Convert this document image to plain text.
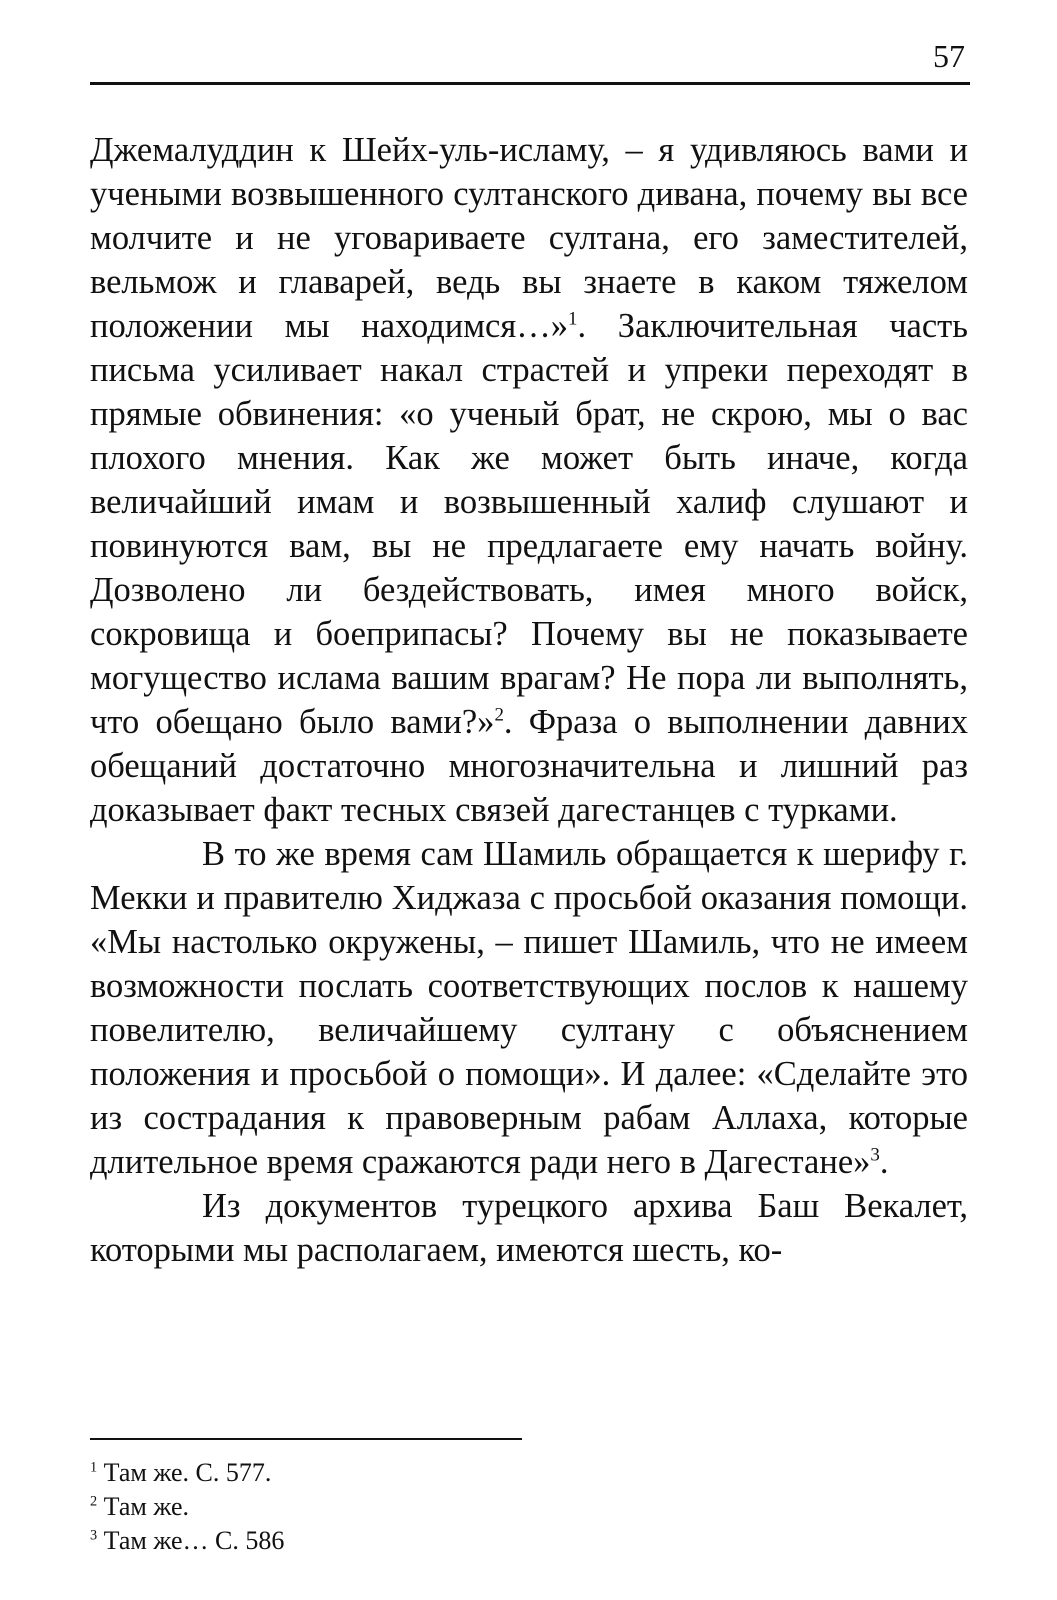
57

Джемалуддин к Шейх-уль-исламу, – я удивляюсь вами и учеными возвышенного султанского дивана, почему вы все молчите и не уговариваете султана, его заместителей, вельмож и главарей, ведь вы знаете в каком тяжелом положении мы находимся…»$^1$. Заключительная часть письма усиливает накал страстей и упреки переходят в прямые обвинения: «о ученый брат, не скрою, мы о вас плохого мнения. Как же может быть иначе, когда величайший имам и возвышенный халиф слушают и повинуются вам, вы не предлагаете ему начать войну. Дозволено ли бездействовать, имея много войск, сокровища и боеприпасы? Почему вы не показываете могущество ислама вашим врагам? Не пора ли выполнять, что обещано было вами?»$^2$. Фраза о выполнении давних обещаний достаточно многозначительна и лишний раз доказывает факт тесных связей дагестанцев с турками.

В то же время сам Шамиль обращается к шерифу г. Мекки и правителю Хиджаза с просьбой оказания помощи. «Мы настолько окружены, – пишет Шамиль, что не имеем возможности послать соответствующих послов к нашему повелителю, величайшему султану с объяснением положения и просьбой о помощи». И далее: «Сделайте это из сострадания к правоверным рабам Аллаха, которые длительное время сражаются ради него в Дагестане»$^3$.

Из документов турецкого архива Баш Векалет, которыми мы располагаем, имеются шесть, ко-

$^1$ Там же. С. 577.
$^2$ Там же.
$^3$ Там же… С. 586
